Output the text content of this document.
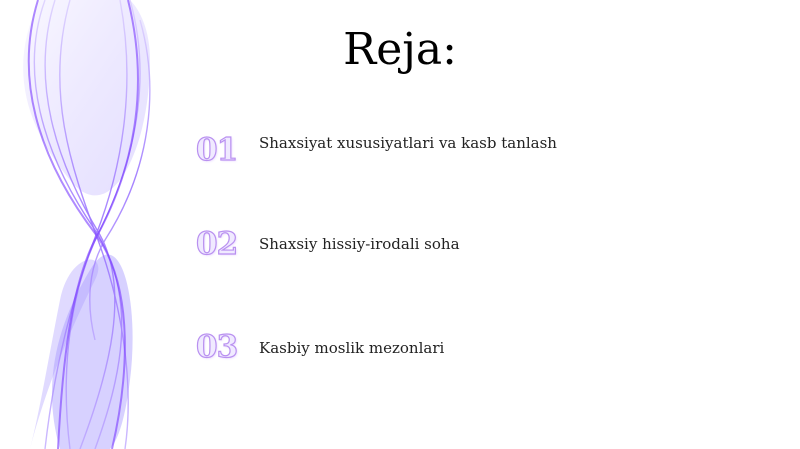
Reja:
01	Shaxsiyat xususiyatlari va kasb tanlash
02	Shaxsiy hissiy-irodali soha
03	Kasbiy moslik mezonlari
